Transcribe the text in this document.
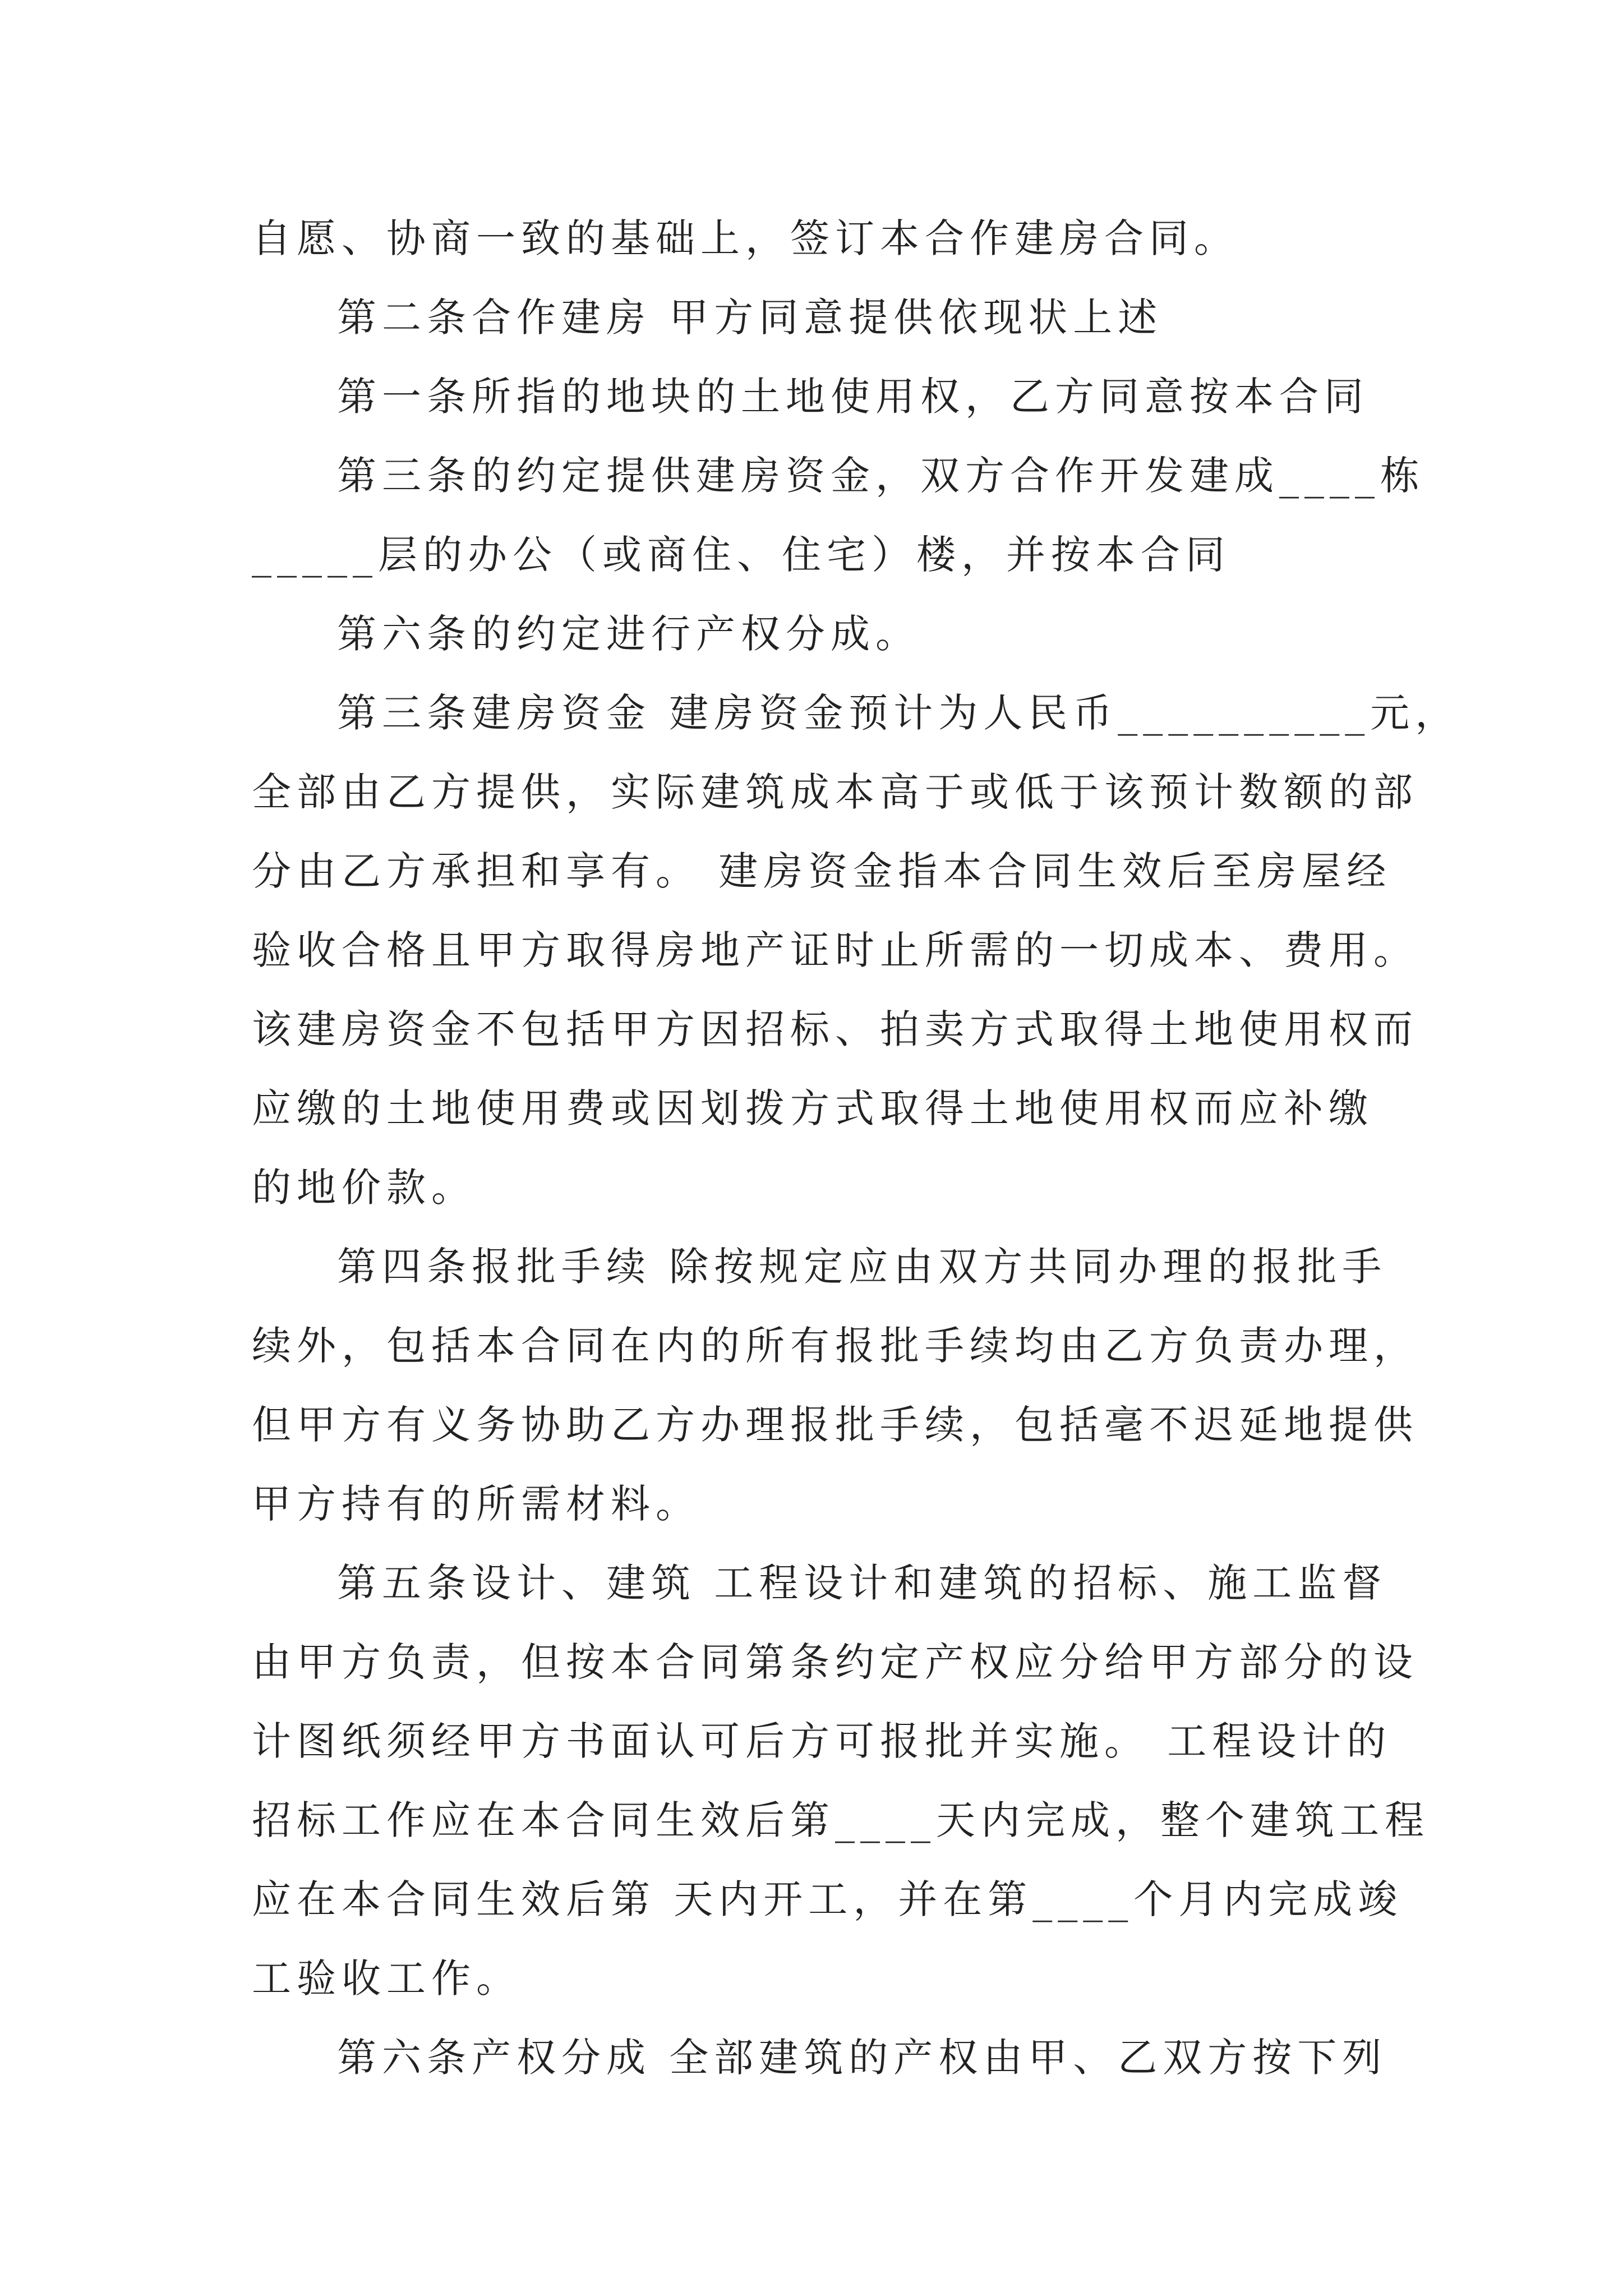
自愿、协商一致的基础上，签订本合作建房合同。
第二条合作建房 甲方同意提供依现状上述
第一条所指的地块的土地使用权，乙方同意按本合同
第三条的约定提供建房资金，双方合作开发建成____栋
_____层的办公（或商住、住宅）楼，并按本合同
第六条的约定进行产权分成。
第三条建房资金 建房资金预计为人民币__________元，
全部由乙方提供，实际建筑成本高于或低于该预计数额的部
分由乙方承担和享有。 建房资金指本合同生效后至房屋经
验收合格且甲方取得房地产证时止所需的一切成本、费用。
该建房资金不包括甲方因招标、拍卖方式取得土地使用权而
应缴的土地使用费或因划拨方式取得土地使用权而应补缴
的地价款。
第四条报批手续 除按规定应由双方共同办理的报批手
续外，包括本合同在内的所有报批手续均由乙方负责办理，
但甲方有义务协助乙方办理报批手续，包括毫不迟延地提供
甲方持有的所需材料。
第五条设计、建筑 工程设计和建筑的招标、施工监督
由甲方负责，但按本合同第条约定产权应分给甲方部分的设
计图纸须经甲方书面认可后方可报批并实施。 工程设计的
招标工作应在本合同生效后第____天内完成，整个建筑工程
应在本合同生效后第 天内开工，并在第____个月内完成竣
工验收工作。
第六条产权分成 全部建筑的产权由甲、乙双方按下列
